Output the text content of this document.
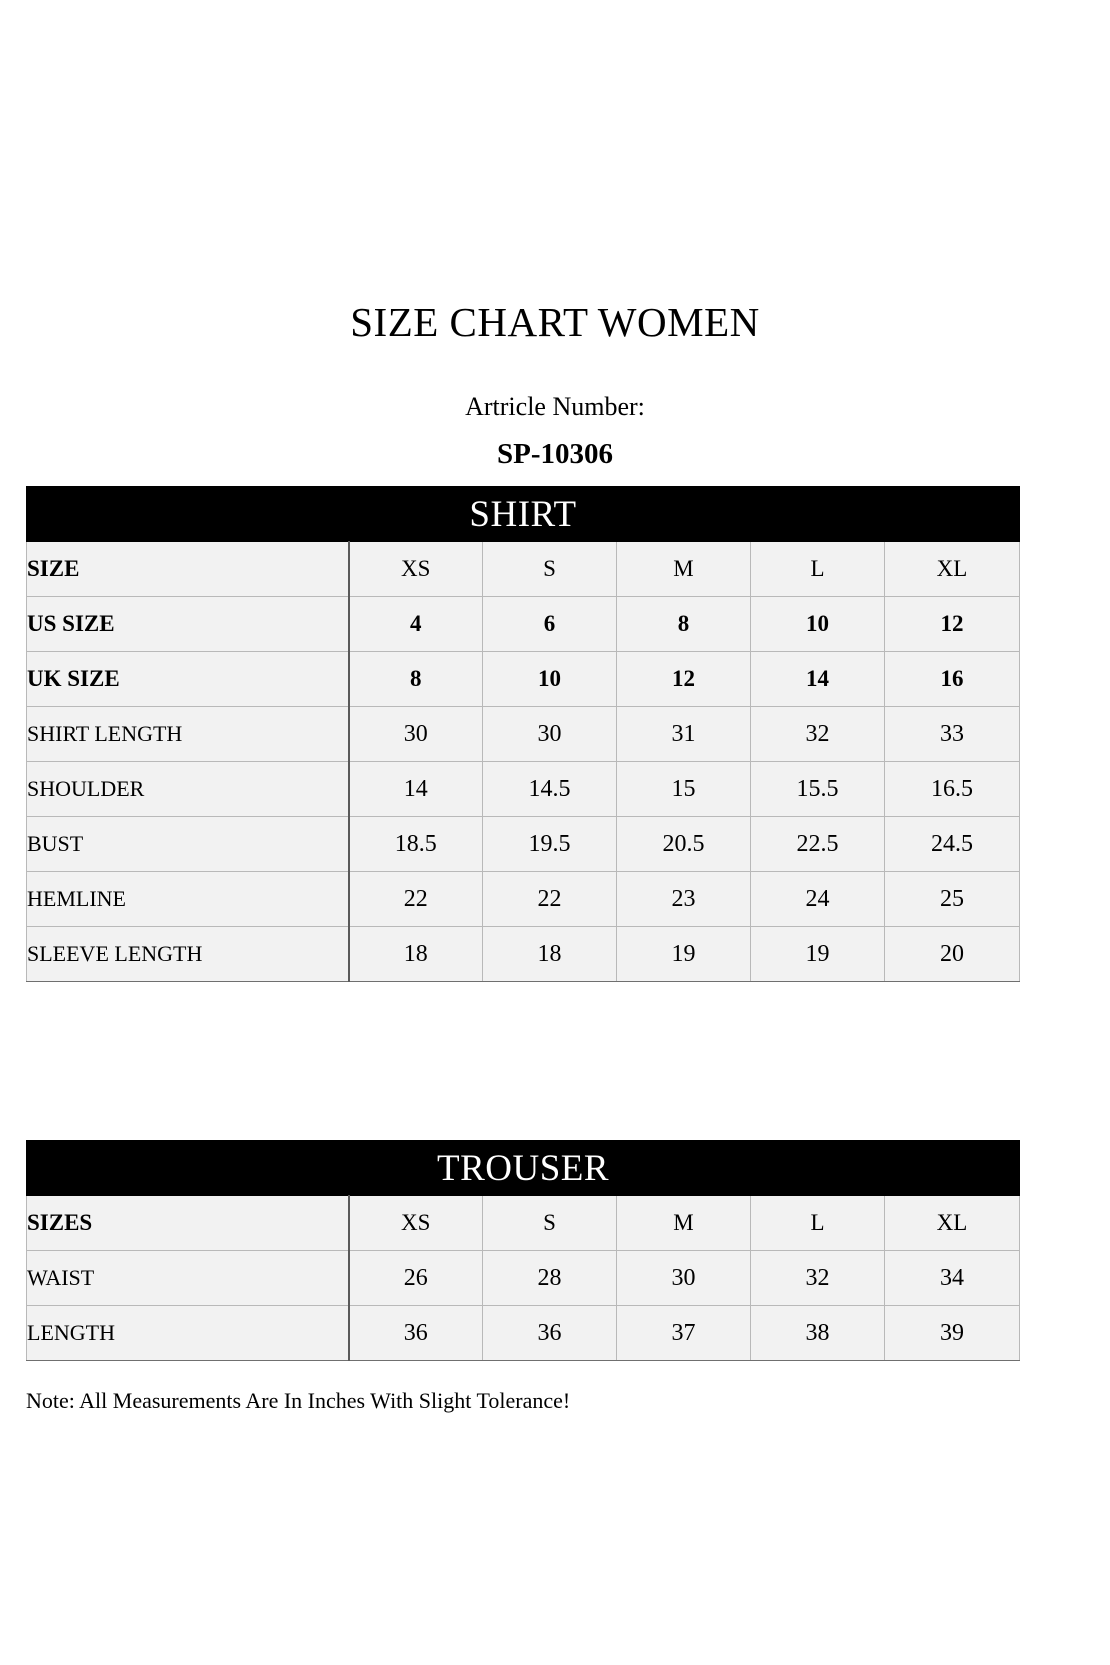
SIZE CHART WOMEN
Artricle Number:
SP-10306
SHIRT					
SIZE	XS	S	M	L	XL
US SIZE	4	6	8	10	12
UK SIZE	8	10	12	14	16
SHIRT LENGTH	30	30	31	32	33
SHOULDER	14	14.5	15	15.5	16.5
BUST	18.5	19.5	20.5	22.5	24.5
HEMLINE	22	22	23	24	25
SLEEVE LENGTH	18	18	19	19	20
TROUSER					
SIZES	XS	S	M	L	XL
WAIST	26	28	30	32	34
LENGTH	36	36	37	38	39
Note: All Measurements Are In Inches With Slight Tolerance!
